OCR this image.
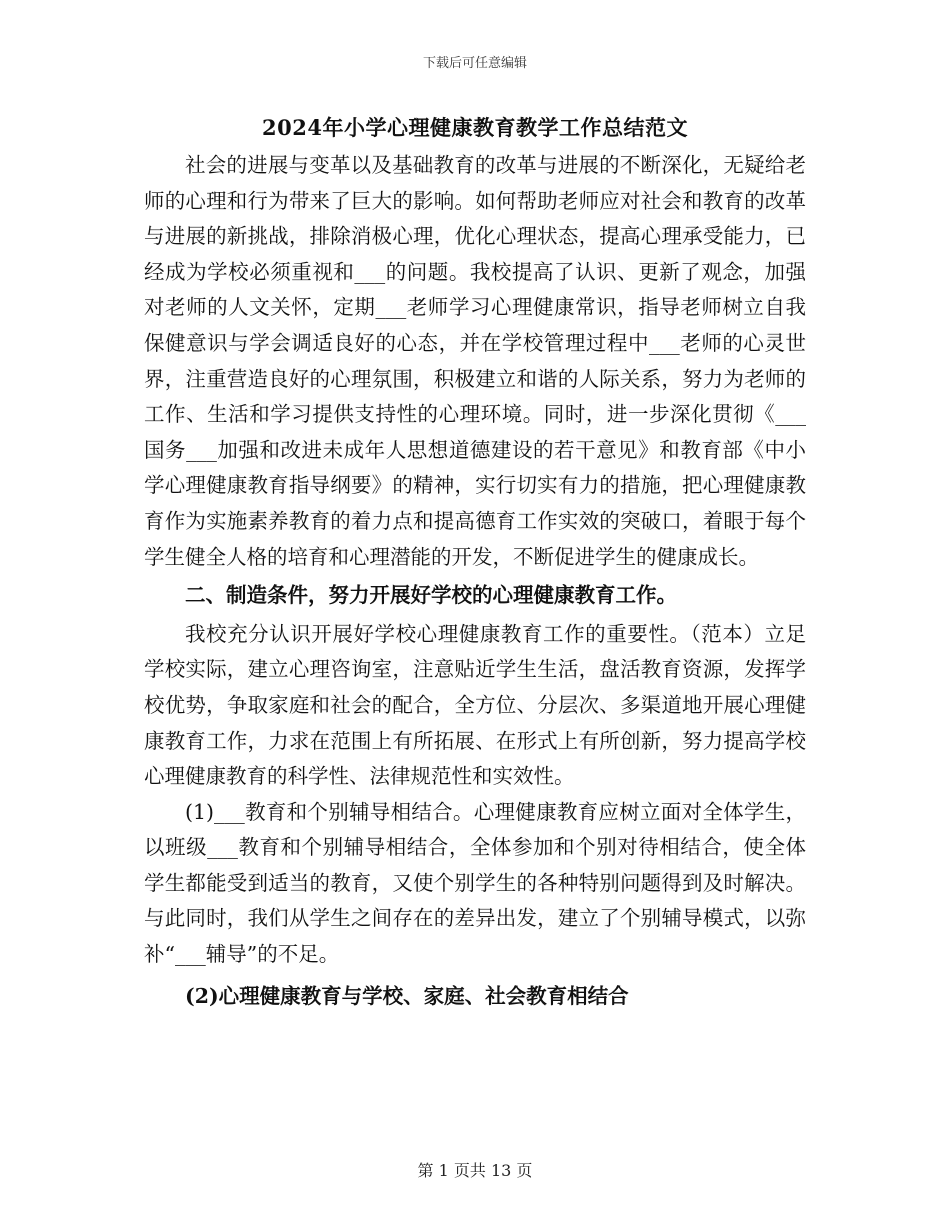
下载后可任意编辑
2024年小学心理健康教育教学工作总结范文

社会的进展与变革以及基础教育的改革与进展的不断深化，无疑给老师的心理和行为带来了巨大的影响。如何帮助老师应对社会和教育的改革与进展的新挑战，排除消极心理，优化心理状态，提高心理承受能力，已经成为学校必须重视和___的问题。我校提高了认识、更新了观念，加强对老师的人文关怀，定期___老师学习心理健康常识，指导老师树立自我保健意识与学会调适良好的心态，并在学校管理过程中___老师的心灵世界，注重营造良好的心理氛围，积极建立和谐的人际关系，努力为老师的工作、生活和学习提供支持性的心理环境。同时，进一步深化贯彻《___国务___加强和改进未成年人思想道德建设的若干意见》和教育部《中小学心理健康教育指导纲要》的精神，实行切实有力的措施，把心理健康教育作为实施素养教育的着力点和提高德育工作实效的突破口，着眼于每个学生健全人格的培育和心理潜能的开发，不断促进学生的健康成长。

二、制造条件，努力开展好学校的心理健康教育工作。

我校充分认识开展好学校心理健康教育工作的重要性。（范本）立足学校实际，建立心理咨询室，注意贴近学生生活，盘活教育资源，发挥学校优势，争取家庭和社会的配合，全方位、分层次、多渠道地开展心理健康教育工作，力求在范围上有所拓展、在形式上有所创新，努力提高学校心理健康教育的科学性、法律规范性和实效性。

(1)___教育和个别辅导相结合。心理健康教育应树立面对全体学生，以班级___教育和个别辅导相结合，全体参加和个别对待相结合，使全体学生都能受到适当的教育，又使个别学生的各种特别问题得到及时解决。与此同时，我们从学生之间存在的差异出发，建立了个别辅导模式，以弥补“___辅导”的不足。

(2)心理健康教育与学校、家庭、社会教育相结合

第 1 页共 13 页
